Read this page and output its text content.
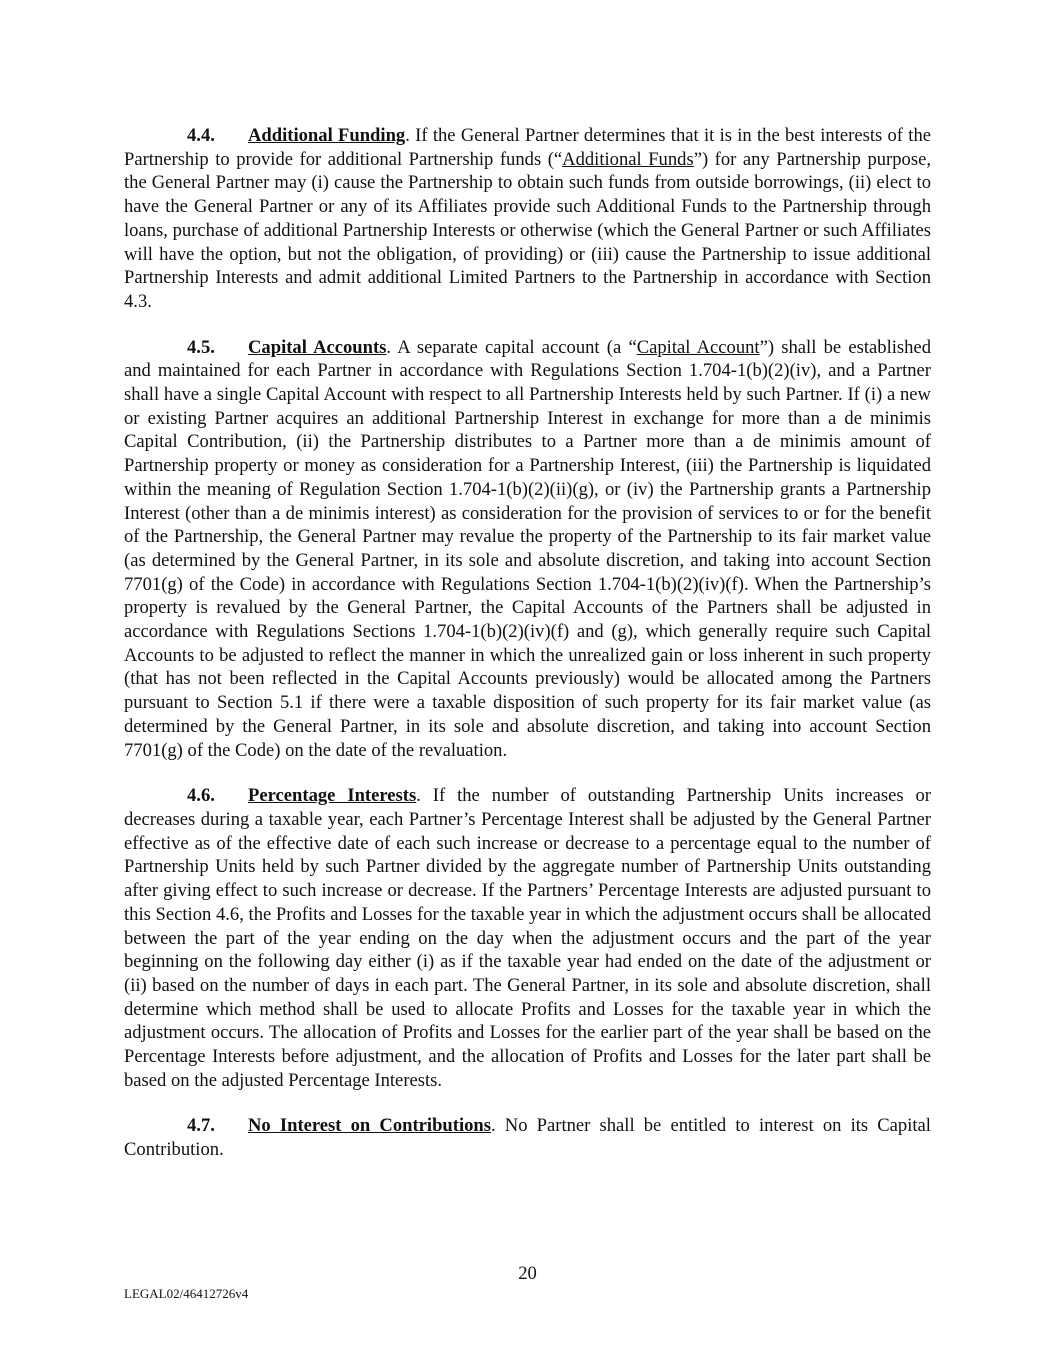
4.4. Additional Funding. If the General Partner determines that it is in the best interests of the Partnership to provide for additional Partnership funds (“Additional Funds”) for any Partnership purpose, the General Partner may (i) cause the Partnership to obtain such funds from outside borrowings, (ii) elect to have the General Partner or any of its Affiliates provide such Additional Funds to the Partnership through loans, purchase of additional Partnership Interests or otherwise (which the General Partner or such Affiliates will have the option, but not the obligation, of providing) or (iii) cause the Partnership to issue additional Partnership Interests and admit additional Limited Partners to the Partnership in accordance with Section 4.3.

4.5. Capital Accounts. A separate capital account (a “Capital Account”) shall be established and maintained for each Partner in accordance with Regulations Section 1.704-1(b)(2)(iv), and a Partner shall have a single Capital Account with respect to all Partnership Interests held by such Partner. If (i) a new or existing Partner acquires an additional Partnership Interest in exchange for more than a de minimis Capital Contribution, (ii) the Partnership distributes to a Partner more than a de minimis amount of Partnership property or money as consideration for a Partnership Interest, (iii) the Partnership is liquidated within the meaning of Regulation Section 1.704-1(b)(2)(ii)(g), or (iv) the Partnership grants a Partnership Interest (other than a de minimis interest) as consideration for the provision of services to or for the benefit of the Partnership, the General Partner may revalue the property of the Partnership to its fair market value (as determined by the General Partner, in its sole and absolute discretion, and taking into account Section 7701(g) of the Code) in accordance with Regulations Section 1.704-1(b)(2)(iv)(f). When the Partnership’s property is revalued by the General Partner, the Capital Accounts of the Partners shall be adjusted in accordance with Regulations Sections 1.704-1(b)(2)(iv)(f) and (g), which generally require such Capital Accounts to be adjusted to reflect the manner in which the unrealized gain or loss inherent in such property (that has not been reflected in the Capital Accounts previously) would be allocated among the Partners pursuant to Section 5.1 if there were a taxable disposition of such property for its fair market value (as determined by the General Partner, in its sole and absolute discretion, and taking into account Section 7701(g) of the Code) on the date of the revaluation.

4.6. Percentage Interests. If the number of outstanding Partnership Units increases or decreases during a taxable year, each Partner’s Percentage Interest shall be adjusted by the General Partner effective as of the effective date of each such increase or decrease to a percentage equal to the number of Partnership Units held by such Partner divided by the aggregate number of Partnership Units outstanding after giving effect to such increase or decrease. If the Partners’ Percentage Interests are adjusted pursuant to this Section 4.6, the Profits and Losses for the taxable year in which the adjustment occurs shall be allocated between the part of the year ending on the day when the adjustment occurs and the part of the year beginning on the following day either (i) as if the taxable year had ended on the date of the adjustment or (ii) based on the number of days in each part. The General Partner, in its sole and absolute discretion, shall determine which method shall be used to allocate Profits and Losses for the taxable year in which the adjustment occurs. The allocation of Profits and Losses for the earlier part of the year shall be based on the Percentage Interests before adjustment, and the allocation of Profits and Losses for the later part shall be based on the adjusted Percentage Interests.

4.7. No Interest on Contributions. No Partner shall be entitled to interest on its Capital Contribution.

20
LEGAL02/46412726v4
